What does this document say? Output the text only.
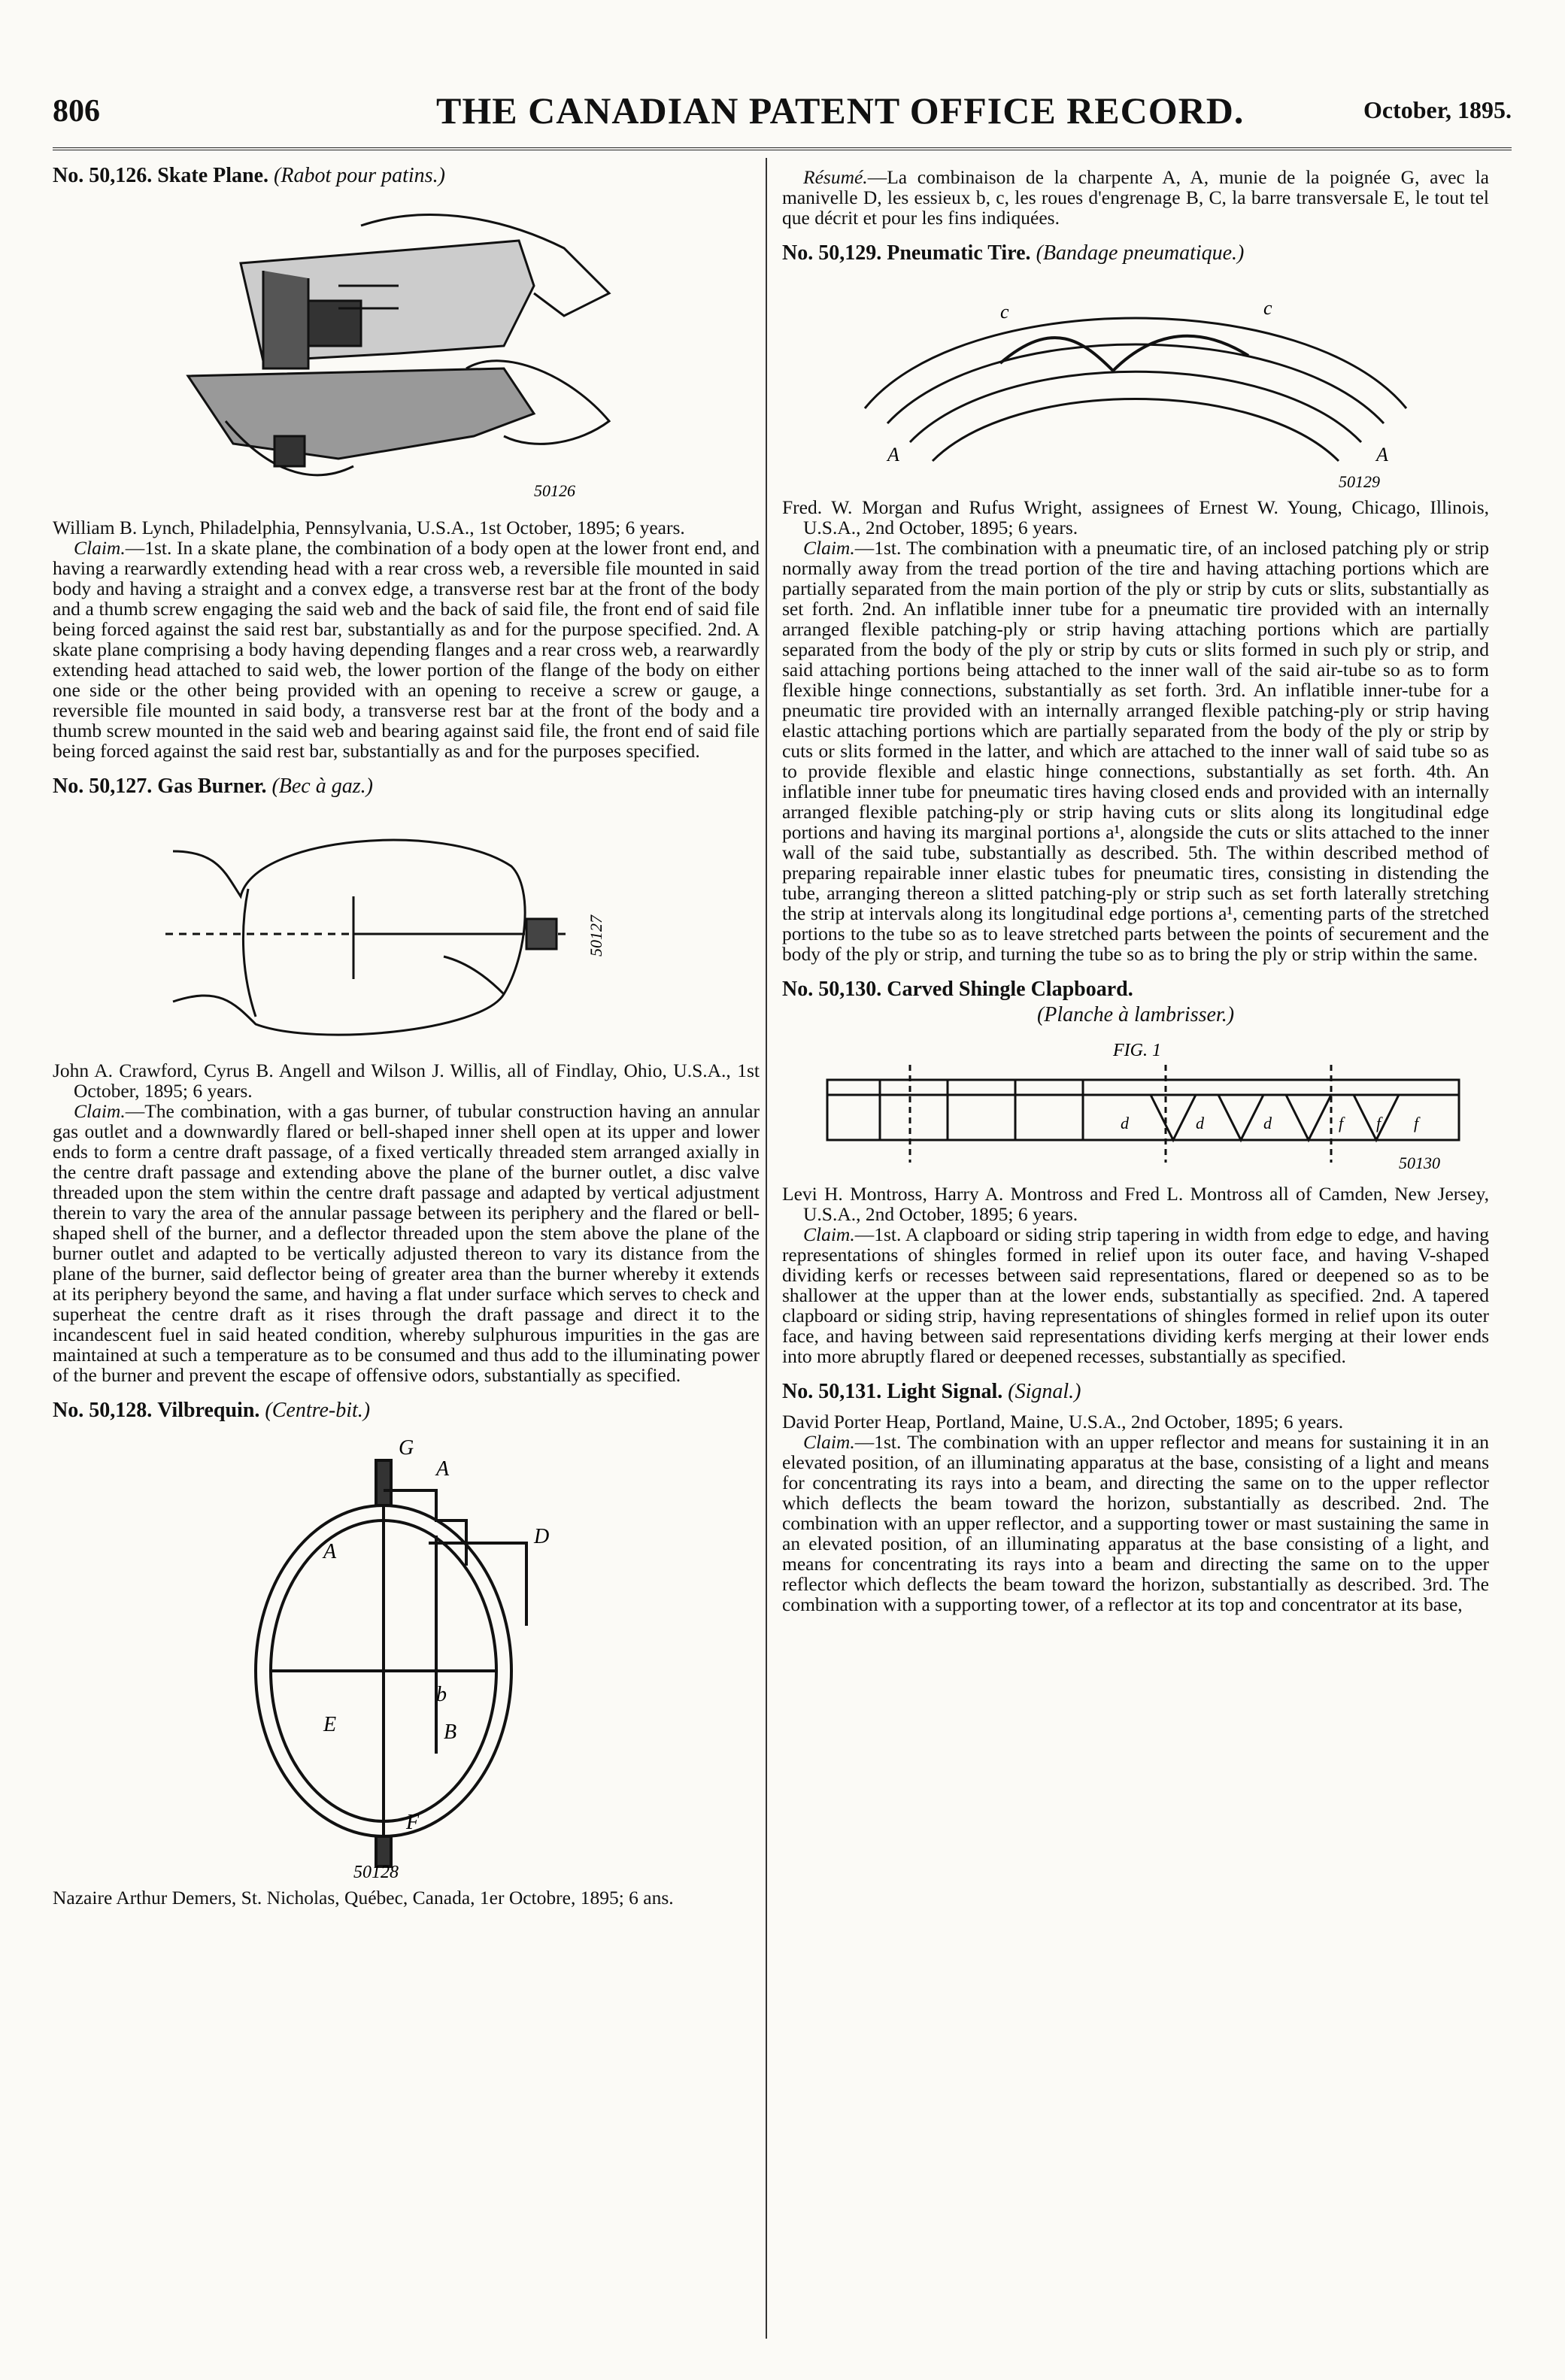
806	THE CANADIAN PATENT OFFICE RECORD.	October, 1895.
No. 50,126. Skate Plane. (Rabot pour patins.)
50126

William B. Lynch, Philadelphia, Pennsylvania, U.S.A., 1st October, 1895; 6 years.

Claim.—1st. In a skate plane, the combination of a body open at the lower front end, and having a rearwardly extending head with a rear cross web, a reversible file mounted in said body and having a straight and a convex edge, a transverse rest bar at the front of the body and a thumb screw engaging the said web and the back of said file, the front end of said file being forced against the said rest bar, substantially as and for the purpose specified. 2nd. A skate plane comprising a body having depending flanges and a rear cross web, a rearwardly extending head attached to said web, the lower portion of the flange of the body on either one side or the other being provided with an opening to receive a screw or gauge, a reversible file mounted in said body, a transverse rest bar at the front of the body and a thumb screw mounted in the said web and bearing against said file, the front end of said file being forced against the said rest bar, substantially as and for the purposes specified.

No. 50,127. Gas Burner. (Bec à gaz.)
50127

John A. Crawford, Cyrus B. Angell and Wilson J. Willis, all of Findlay, Ohio, U.S.A., 1st October, 1895; 6 years.

Claim.—The combination, with a gas burner, of tubular construction having an annular gas outlet and a downwardly flared or bell-shaped inner shell open at its upper and lower ends to form a centre draft passage, of a fixed vertically threaded stem arranged axially in the centre draft passage and extending above the plane of the burner outlet, a disc valve threaded upon the stem within the centre draft passage and adapted by vertical adjustment therein to vary the area of the annular passage between its periphery and the flared or bell-shaped shell of the burner, and a deflector threaded upon the stem above the plane of the burner outlet and adapted to be vertically adjusted thereon to vary its distance from the plane of the burner, said deflector being of greater area than the burner whereby it extends at its periphery beyond the same, and having a flat under surface which serves to check and superheat the centre draft as it rises through the draft passage and direct it to the incandescent fuel in said heated condition, whereby sulphurous impurities in the gas are maintained at such a temperature as to be consumed and thus add to the illuminating power of the burner and prevent the escape of offensive odors, substantially as specified.

No. 50,128. Vilbrequin. (Centre-bit.)
G
A
D
A
b
E	B
F
50128

Nazaire Arthur Demers, St. Nicholas, Québec, Canada, 1er Octobre, 1895; 6 ans.

Résumé.—La combinaison de la charpente A, A, munie de la poignée G, avec la manivelle D, les essieux b, c, les roues d'engrenage B, C, la barre transversale E, le tout tel que décrit et pour les fins indiquées.

No. 50,129. Pneumatic Tire. (Bandage pneumatique.)
c	c
A	A
50129

Fred. W. Morgan and Rufus Wright, assignees of Ernest W. Young, Chicago, Illinois, U.S.A., 2nd October, 1895; 6 years.

Claim.—1st. The combination with a pneumatic tire, of an inclosed patching ply or strip normally away from the tread portion of the tire and having attaching portions which are partially separated from the main portion of the ply or strip by cuts or slits, substantially as set forth. 2nd. An inflatible inner tube for a pneumatic tire provided with an internally arranged flexible patching-ply or strip having attaching portions which are partially separated from the body of the ply or strip by cuts or slits formed in such ply or strip, and said attaching portions being attached to the inner wall of the said air-tube so as to form flexible hinge connections, substantially as set forth. 3rd. An inflatible inner-tube for a pneumatic tire provided with an internally arranged flexible patching-ply or strip having elastic attaching portions which are partially separated from the body of the ply or strip by cuts or slits formed in the latter, and which are attached to the inner wall of said tube so as to provide flexible and elastic hinge connections, substantially as set forth. 4th. An inflatible inner tube for pneumatic tires having closed ends and provided with an internally arranged flexible patching-ply or strip having cuts or slits along its longitudinal edge portions and having its marginal portions a¹, alongside the cuts or slits attached to the inner wall of the said tube, substantially as described. 5th. The within described method of preparing repairable inner elastic tubes for pneumatic tires, consisting in distending the tube, arranging thereon a slitted patching-ply or strip such as set forth laterally stretching the strip at intervals along its longitudinal edge portions a¹, cementing parts of the stretched portions to the tube so as to leave stretched parts between the points of securement and the body of the ply or strip, and turning the tube so as to bring the ply or strip within the same.

No. 50,130. Carved Shingle Clapboard.
(Planche à lambrisser.)
FIG. 1
d	d	d	f f f
50130

Levi H. Montross, Harry A. Montross and Fred L. Montross all of Camden, New Jersey, U.S.A., 2nd October, 1895; 6 years.

Claim.—1st. A clapboard or siding strip tapering in width from edge to edge, and having representations of shingles formed in relief upon its outer face, and having V-shaped dividing kerfs or recesses between said representations, flared or deepened so as to be shallower at the upper than at the lower ends, substantially as specified. 2nd. A tapered clapboard or siding strip, having representations of shingles formed in relief upon its outer face, and having between said representations dividing kerfs merging at their lower ends into more abruptly flared or deepened recesses, substantially as specified.

No. 50,131. Light Signal. (Signal.)

David Porter Heap, Portland, Maine, U.S.A., 2nd October, 1895; 6 years.

Claim.—1st. The combination with an upper reflector and means for sustaining it in an elevated position, of an illuminating apparatus at the base, consisting of a light and means for concentrating its rays into a beam, and directing the same on to the upper reflector which deflects the beam toward the horizon, substantially as described. 2nd. The combination with an upper reflector, and a supporting tower or mast sustaining the same in an elevated position, of an illuminating apparatus at the base consisting of a light, and means for concentrating its rays into a beam and directing the same on to the upper reflector which deflects the beam toward the horizon, substantially as described. 3rd. The combination with a supporting tower, of a reflector at its top and concentrator at its base,
